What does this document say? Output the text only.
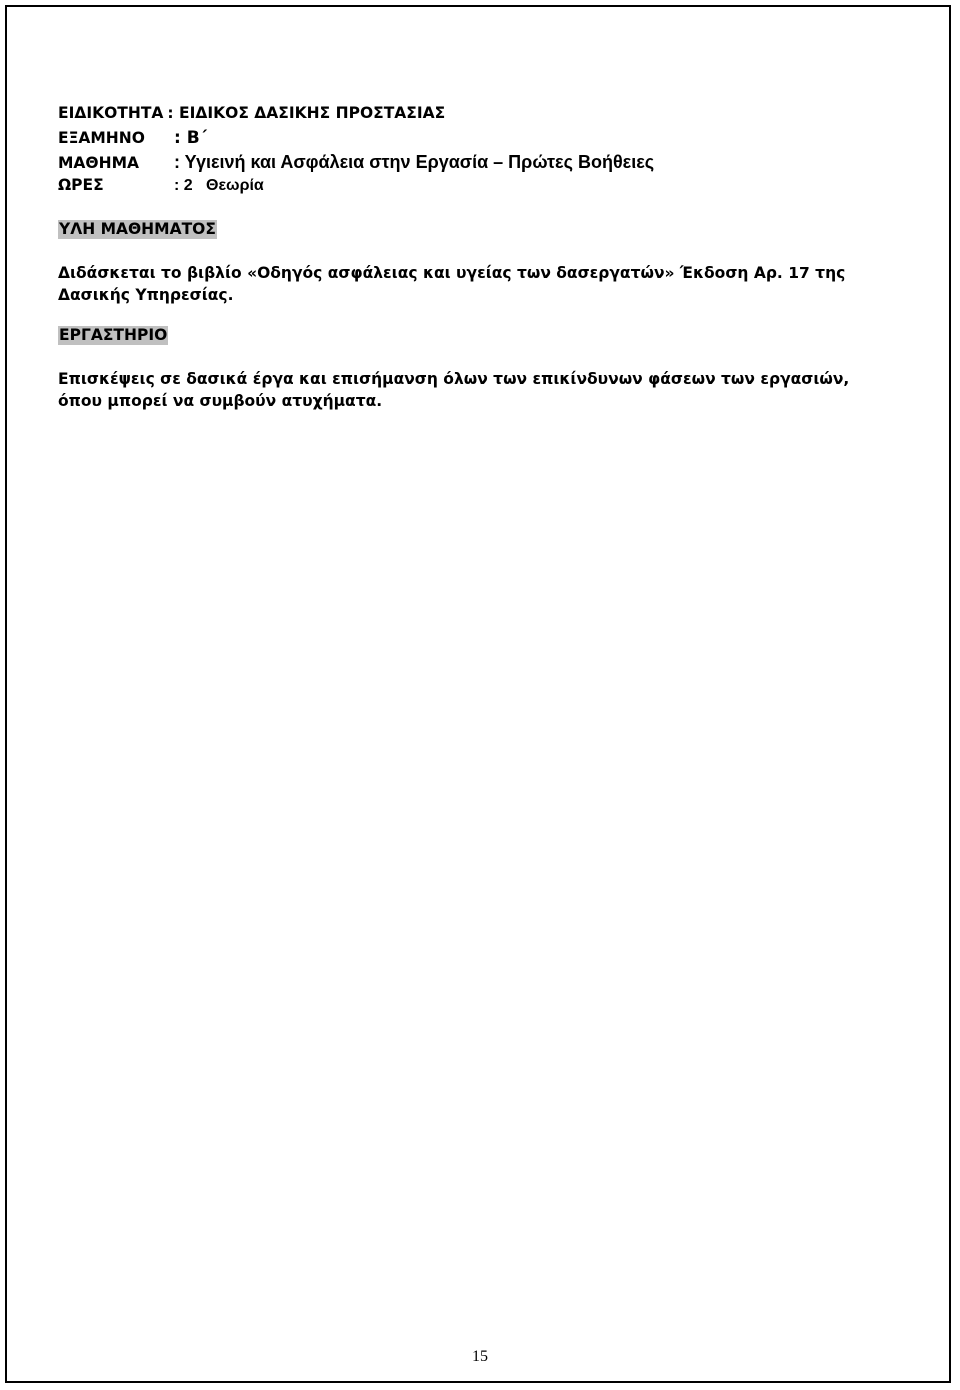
ΕΙΔΙΚΟΤΗΤΑ : ΕΙΔΙΚΟΣ ΔΑΣΙΚΗΣ ΠΡΟΣΤΑΣΙΑΣ
ΕΞΑΜΗΝΟ	: Β΄
ΜΑΘΗΜΑ	: Υγιεινή και Ασφάλεια στην Εργασία – Πρώτες Βοήθειες
ΩΡΕΣ	: 2   Θεωρία
ΥΛΗ ΜΑΘΗΜΑΤΟΣ
Διδάσκεται το βιβλίο «Οδηγός ασφάλειας και υγείας των δασεργατών» Έκδοση Αρ. 17 της Δασικής Υπηρεσίας.
ΕΡΓΑΣΤΗΡΙΟ
Επισκέψεις σε δασικά έργα και επισήμανση όλων των επικίνδυνων φάσεων των εργασιών, όπου μπορεί να συμβούν ατυχήματα.
15
